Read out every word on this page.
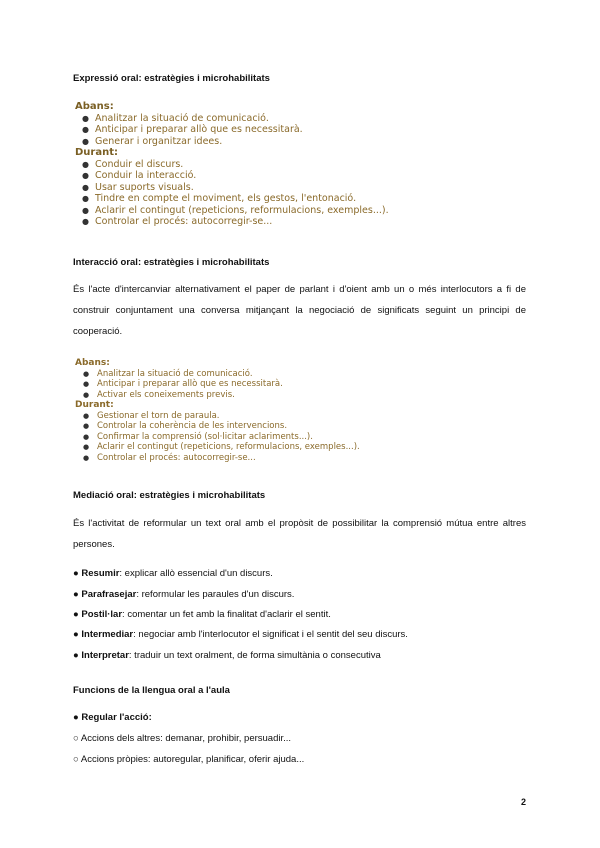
Expressió oral: estratègies i microhabilitats
Abans:
● Analitzar la situació de comunicació.
● Anticipar i preparar allò que es necessitarà.
● Generar i organitzar idees.
Durant:
● Conduir el discurs.
● Conduir la interacció.
● Usar suports visuals.
● Tindre en compte el moviment, els gestos, l'entonació.
● Aclarir el contingut (repeticions, reformulacions, exemples...).
● Controlar el procés: autocorregir-se...
Interacció oral: estratègies i microhabilitats

És l'acte d'intercanviar alternativament el paper de parlant i d'oient amb un o més interlocutors a fi de construir conjuntament una conversa mitjançant la negociació de significats seguint un principi de cooperació.

Abans:
● Analitzar la situació de comunicació.
● Anticipar i preparar allò que es necessitarà.
● Activar els coneixements previs.
Durant:
● Gestionar el torn de paraula.
● Controlar la coherència de les intervencions.
● Confirmar la comprensió (sol·licitar aclariments...).
● Aclarir el contingut (repeticions, reformulacions, exemples...).
● Controlar el procés: autocorregir-se...
Mediació oral: estratègies i microhabilitats

És l'activitat de reformular un text oral amb el propòsit de possibilitar la comprensió mútua entre altres persones.

● Resumir: explicar allò essencial d'un discurs.

● Parafrasejar: reformular les paraules d'un discurs.

● Postil·lar: comentar un fet amb la finalitat d'aclarir el sentit.

● Intermediar: negociar amb l'interlocutor el significat i el sentit del seu discurs.

● Interpretar: traduir un text oralment, de forma simultània o consecutiva

Funcions de la llengua oral a l'aula

● Regular l'acció:

○ Accions dels altres: demanar, prohibir, persuadir...

○ Accions pròpies: autoregular, planificar, oferir ajuda...

2
